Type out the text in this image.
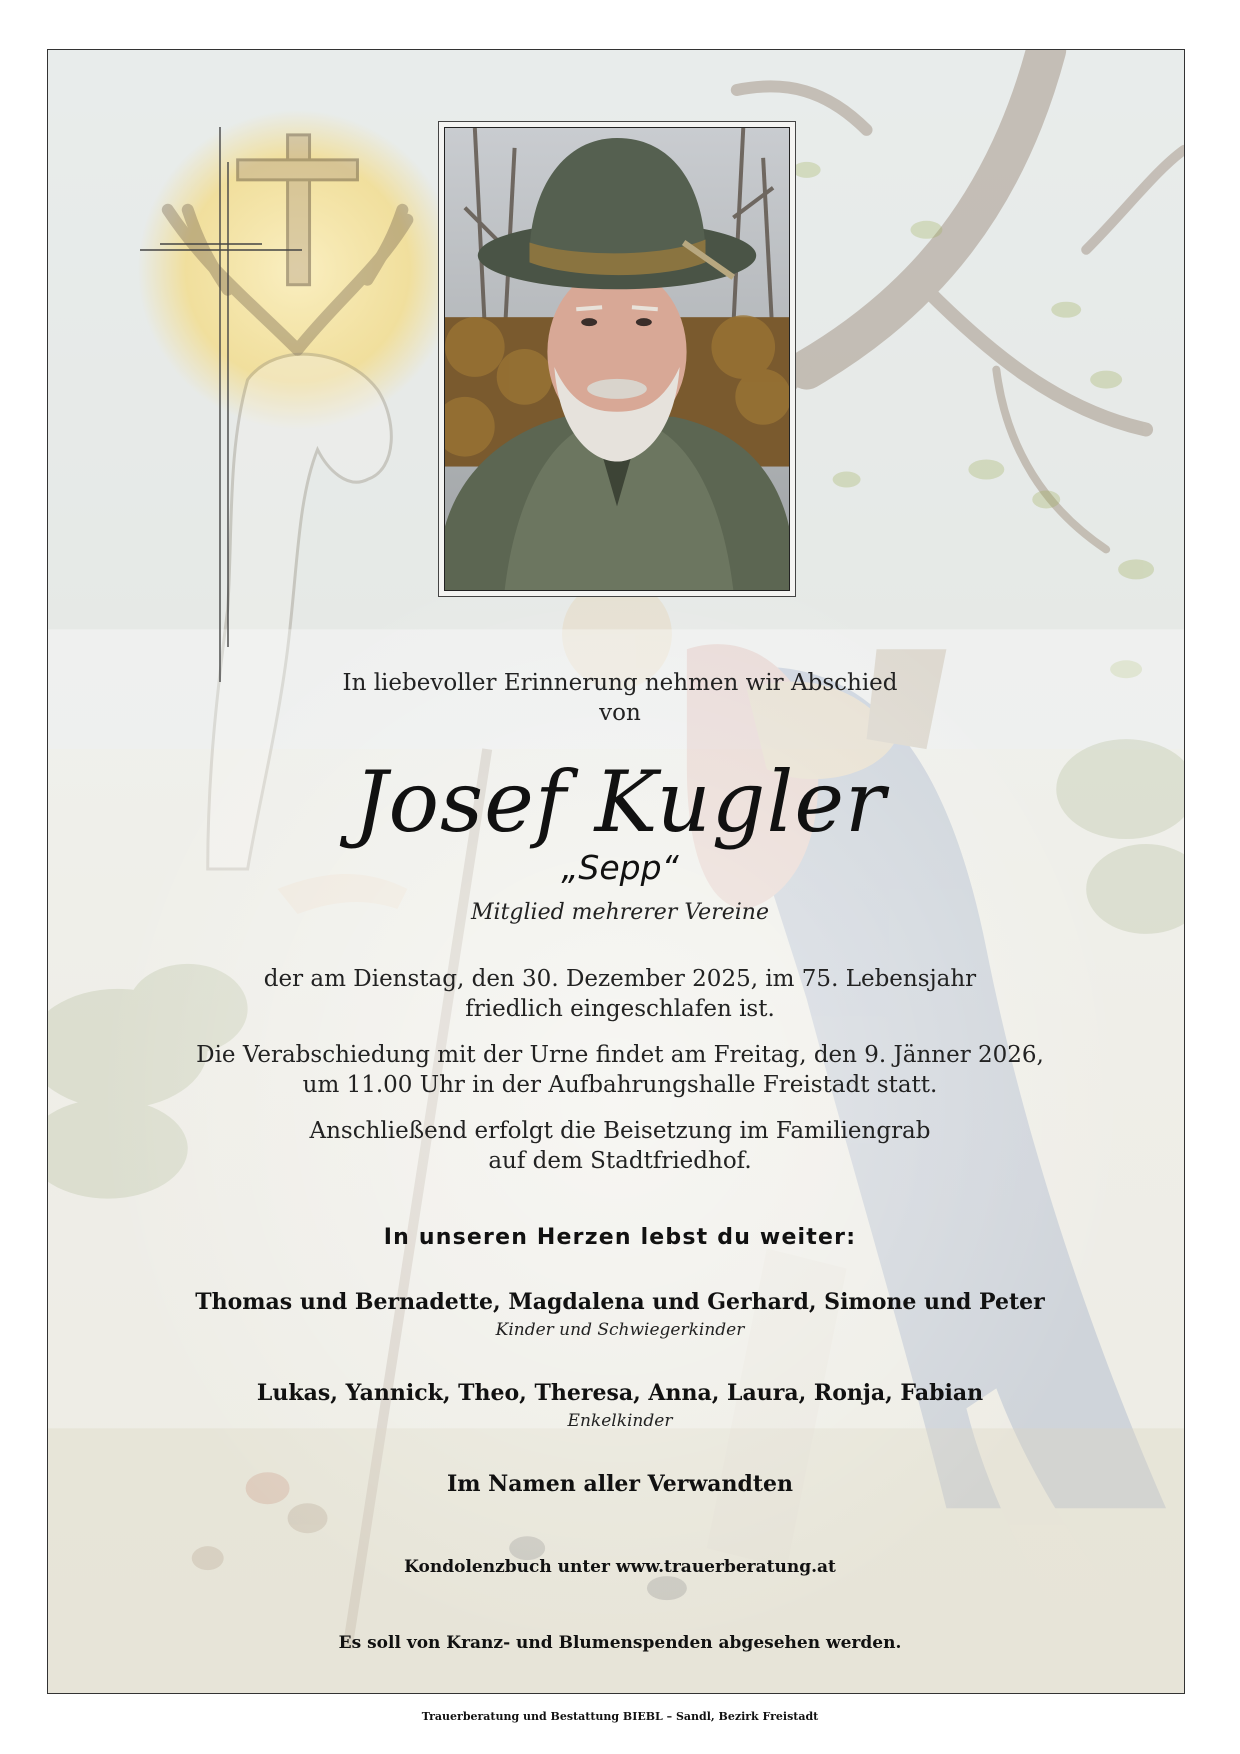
In liebevoller Erinnerung nehmen wir Abschied
von
Josef Kugler
„Sepp“
Mitglied mehrerer Vereine
der am Dienstag, den 30. Dezember 2025, im 75. Lebensjahr
friedlich eingeschlafen ist.
Die Verabschiedung mit der Urne findet am Freitag, den 9. Jänner 2026,
um 11.00 Uhr in der Aufbahrungshalle Freistadt statt.
Anschließend erfolgt die Beisetzung im Familiengrab
auf dem Stadtfriedhof.
In unseren Herzen lebst du weiter:
Thomas und Bernadette, Magdalena und Gerhard, Simone und Peter
Kinder und Schwiegerkinder
Lukas, Yannick, Theo, Theresa, Anna, Laura, Ronja, Fabian
Enkelkinder
Im Namen aller Verwandten
Kondolenzbuch unter www.trauerberatung.at
Es soll von Kranz- und Blumenspenden abgesehen werden.
Trauerberatung und Bestattung BIEBL – Sandl, Bezirk Freistadt
